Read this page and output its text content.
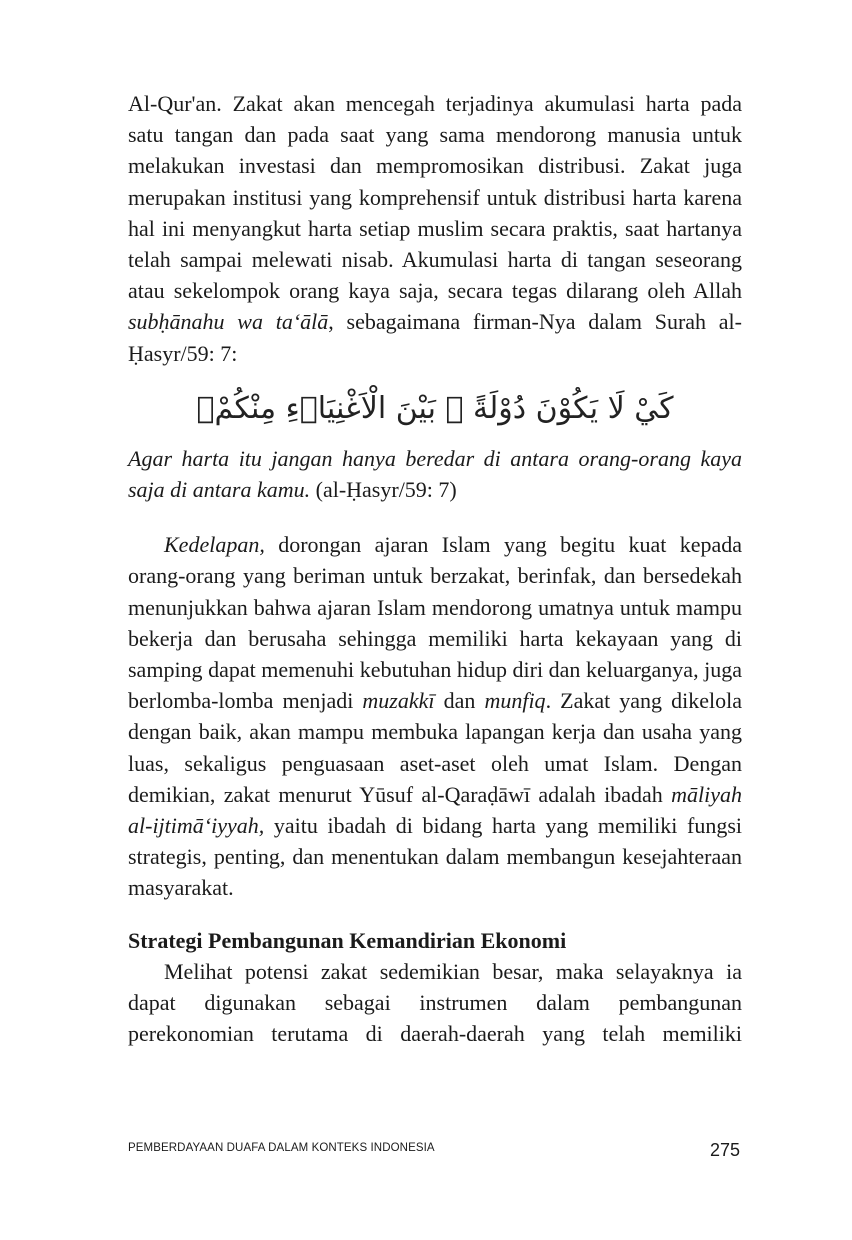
Al-Qur'an. Zakat akan mencegah terjadinya akumulasi harta pada satu tangan dan pada saat yang sama mendorong manusia untuk melakukan investasi dan mempromosikan distribusi. Zakat juga merupakan institusi yang komprehensif untuk distribusi harta karena hal ini menyangkut harta setiap muslim secara praktis, saat hartanya telah sampai melewati nisab. Akumulasi harta di tangan seseorang atau sekelompok orang kaya saja, secara tegas dilarang oleh Allah subḥānahu wa ta‘ālā, sebagaimana firman-Nya dalam Surah al-Ḥasyr/59: 7:

كَيْ لَا يَكُوْنَ دُوْلَةً ۢ بَيْنَ الْاَغْنِيَاۤءِ مِنْكُمْۗ

Agar harta itu jangan hanya beredar di antara orang-orang kaya saja di antara kamu. (al-Ḥasyr/59: 7)

Kedelapan, dorongan ajaran Islam yang begitu kuat kepada orang-orang yang beriman untuk berzakat, berinfak, dan bersedekah menunjukkan bahwa ajaran Islam mendorong umatnya untuk mampu bekerja dan berusaha sehingga memiliki harta kekayaan yang di samping dapat memenuhi kebutuhan hidup diri dan keluarganya, juga berlomba-lomba menjadi muzakkī dan munfiq. Zakat yang dikelola dengan baik, akan mampu membuka lapangan kerja dan usaha yang luas, sekaligus penguasaan aset-aset oleh umat Islam. Dengan demikian, zakat menurut Yūsuf al-Qaraḍāwī adalah ibadah māliyah al-ijtimā‘iyyah, yaitu ibadah di bidang harta yang memiliki fungsi strategis, penting, dan menentukan dalam membangun kesejahteraan masyarakat.

Strategi Pembangunan Kemandirian Ekonomi

Melihat potensi zakat sedemikian besar, maka selayaknya ia dapat digunakan sebagai instrumen dalam pembangunan perekonomian terutama di daerah-daerah yang telah memiliki

PEMBERDAYAAN DUAFA DALAM KONTEKS INDONESIA	275
